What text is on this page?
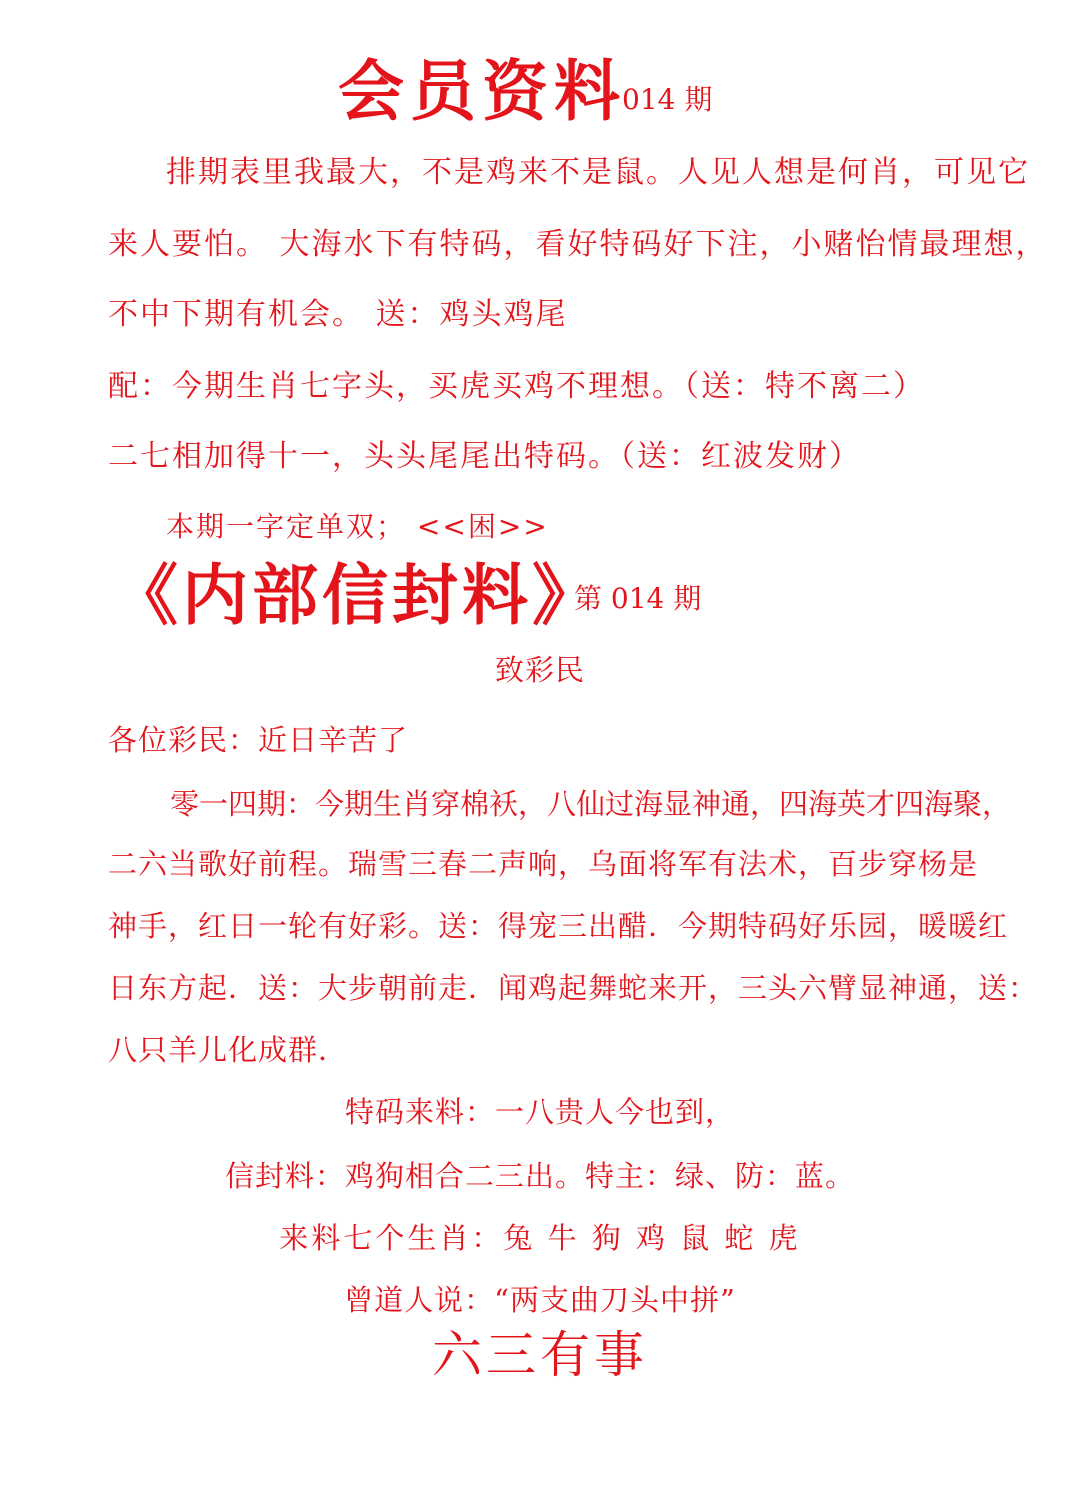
会员资料
014 期
排期表里我最大，不是鸡来不是鼠。人见人想是何肖，可见它
来人要怕。 大海水下有特码，看好特码好下注，小赌怡情最理想，
不中下期有机会。 送：鸡头鸡尾
配：今期生肖七字头，买虎买鸡不理想。（送：特不离二）
二七相加得十一，头头尾尾出特码。（送：红波发财）
本期一字定单双； <<困>>
《内部信封料》
第 014 期
致彩民
各位彩民：近日辛苦了
零一四期：今期生肖穿棉袄，八仙过海显神通，四海英才四海聚，
二六当歌好前程。瑞雪三春二声响，乌面将军有法术，百步穿杨是
神手，红日一轮有好彩。送：得宠三出醋．今期特码好乐园，暖暖红
日东方起．送：大步朝前走．闻鸡起舞蛇来开，三头六臂显神通，送：
八只羊儿化成群．
特码来料：一八贵人今也到，
信封料：鸡狗相合二三出。特主：绿、防：蓝。
来料七个生肖：兔 牛 狗 鸡 鼠 蛇 虎
曾道人说：“两支曲刀头中拼”
六三有事
